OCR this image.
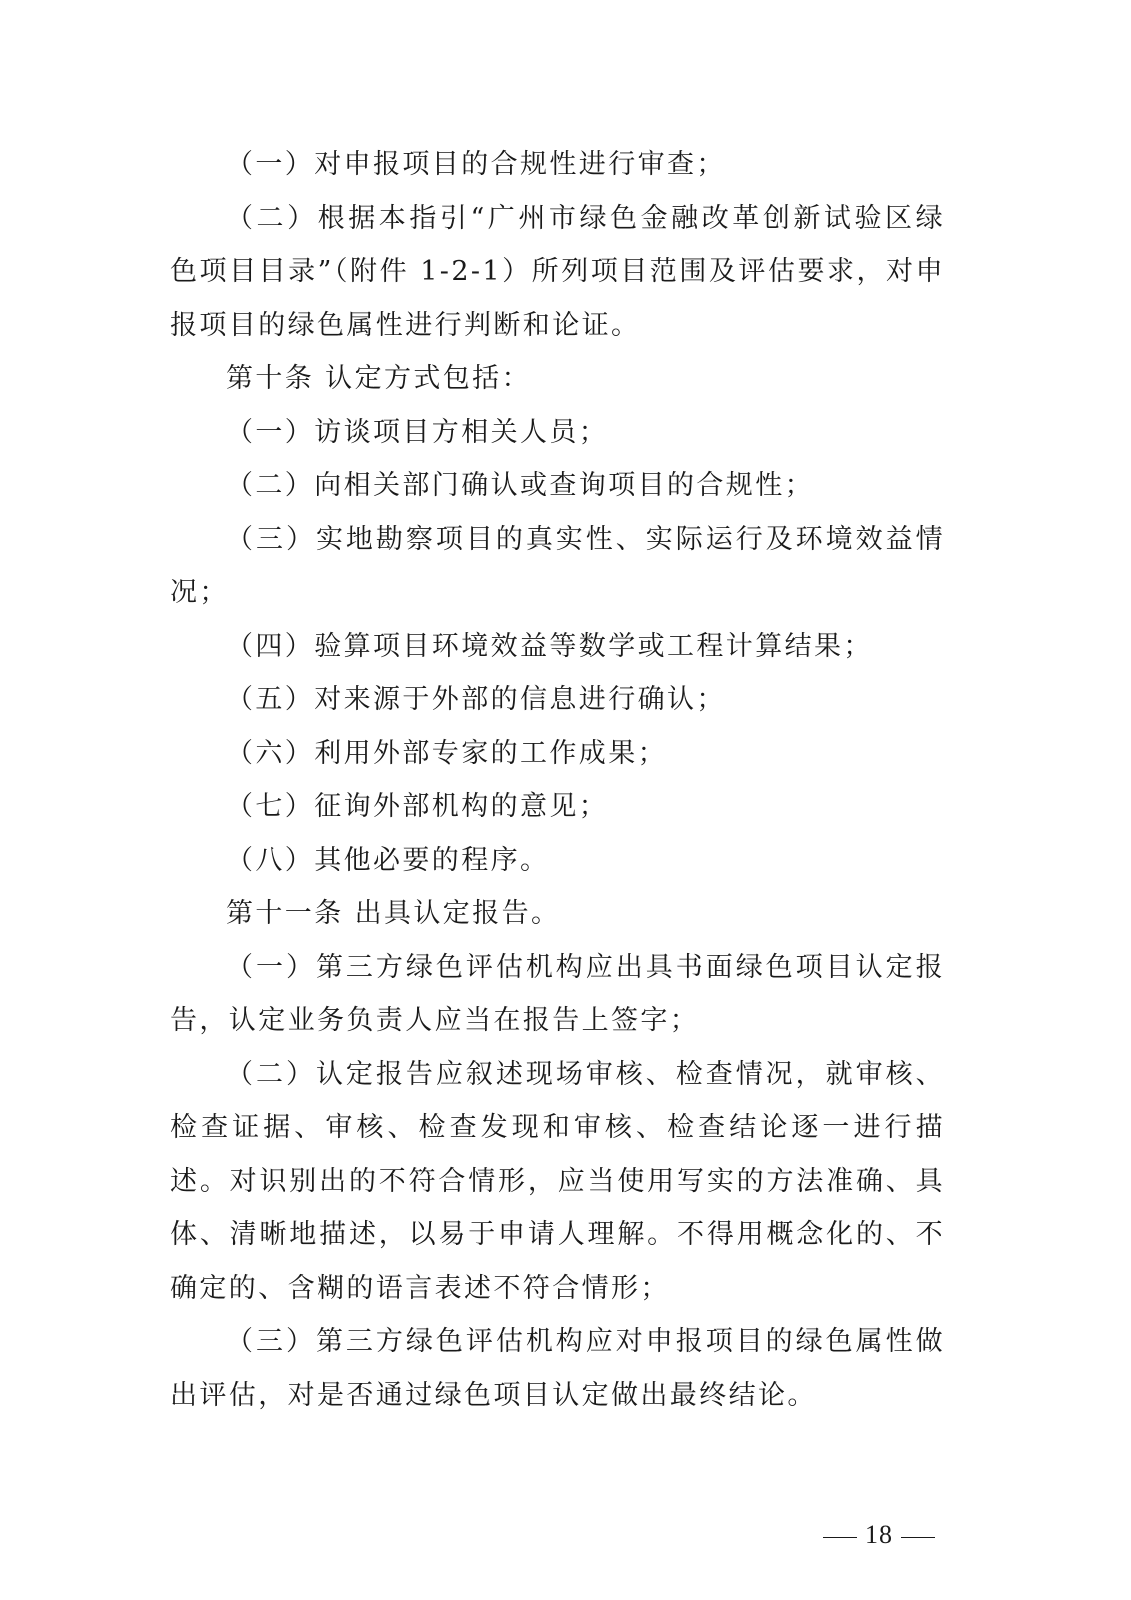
（一）对申报项目的合规性进行审查；

（二）根据本指引“广州市绿色金融改革创新试验区绿色项目目录”（附件 1-2-1）所列项目范围及评估要求，对申报项目的绿色属性进行判断和论证。

第十条 认定方式包括：

（一）访谈项目方相关人员；

（二）向相关部门确认或查询项目的合规性；

（三）实地勘察项目的真实性、实际运行及环境效益情况；

（四）验算项目环境效益等数学或工程计算结果；

（五）对来源于外部的信息进行确认；

（六）利用外部专家的工作成果；

（七）征询外部机构的意见；

（八）其他必要的程序。

第十一条 出具认定报告。

（一）第三方绿色评估机构应出具书面绿色项目认定报告，认定业务负责人应当在报告上签字；

（二）认定报告应叙述现场审核、检查情况，就审核、检查证据、审核、检查发现和审核、检查结论逐一进行描述。对识别出的不符合情形，应当使用写实的方法准确、具体、清晰地描述，以易于申请人理解。不得用概念化的、不确定的、含糊的语言表述不符合情形；

（三）第三方绿色评估机构应对申报项目的绿色属性做出评估，对是否通过绿色项目认定做出最终结论。

18
